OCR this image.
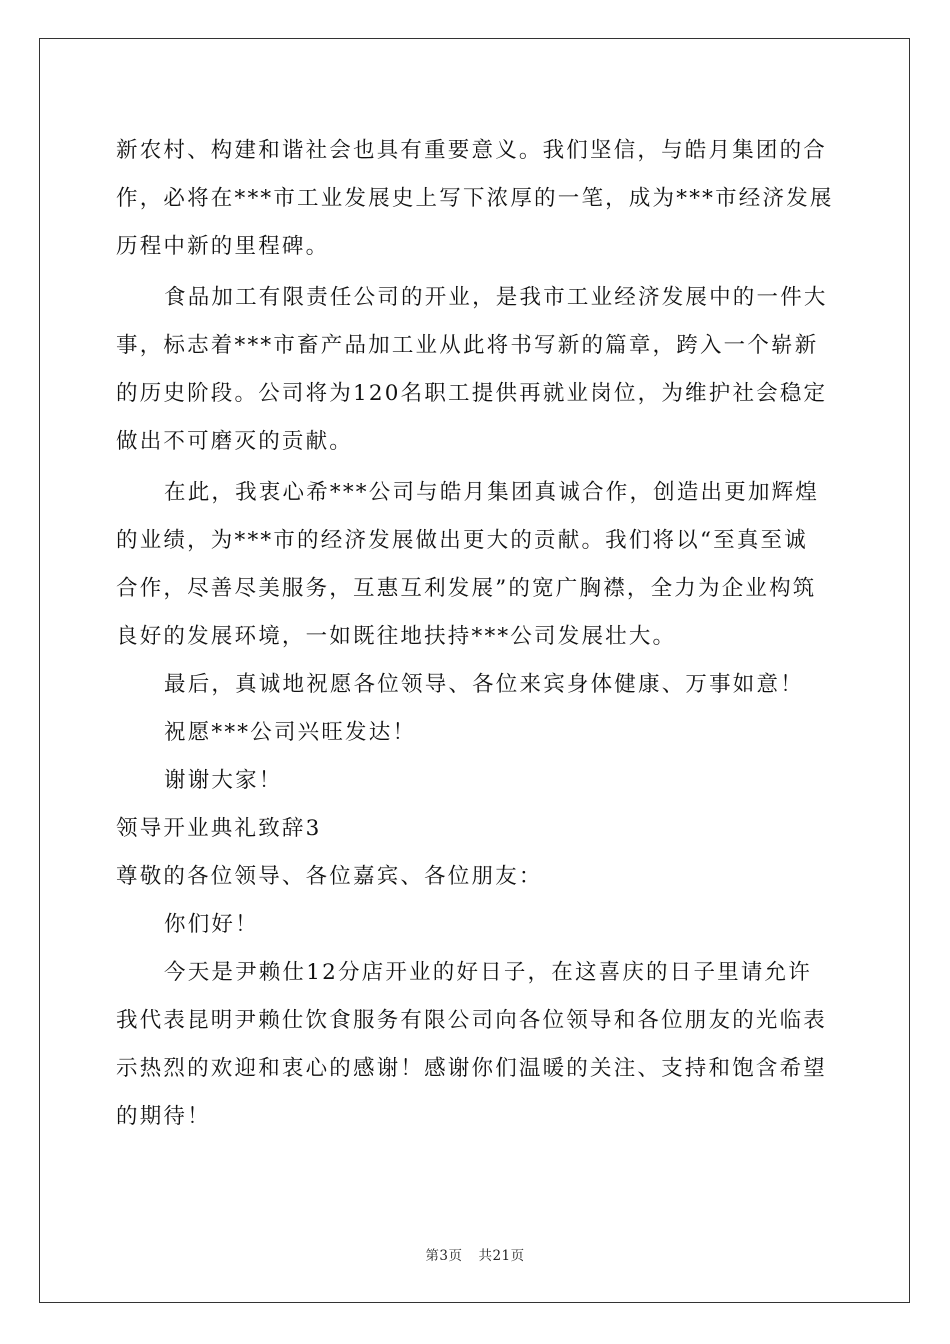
新农村、构建和谐社会也具有重要意义。我们坚信，与皓月集团的合
作，必将在***市工业发展史上写下浓厚的一笔，成为***市经济发展
历程中新的里程碑。
食品加工有限责任公司的开业，是我市工业经济发展中的一件大
事，标志着***市畜产品加工业从此将书写新的篇章，跨入一个崭新
的历史阶段。公司将为120名职工提供再就业岗位，为维护社会稳定
做出不可磨灭的贡献。
在此，我衷心希***公司与皓月集团真诚合作，创造出更加辉煌
的业绩，为***市的经济发展做出更大的贡献。我们将以“至真至诚
合作，尽善尽美服务，互惠互利发展”的宽广胸襟，全力为企业构筑
良好的发展环境，一如既往地扶持***公司发展壮大。
最后，真诚地祝愿各位领导、各位来宾身体健康、万事如意！
祝愿***公司兴旺发达！
谢谢大家！
领导开业典礼致辞3
尊敬的各位领导、各位嘉宾、各位朋友：
你们好！
今天是尹赖仕12分店开业的好日子，在这喜庆的日子里请允许
我代表昆明尹赖仕饮食服务有限公司向各位领导和各位朋友的光临表
示热烈的欢迎和衷心的感谢！感谢你们温暖的关注、支持和饱含希望
的期待！
第3页 共21页
